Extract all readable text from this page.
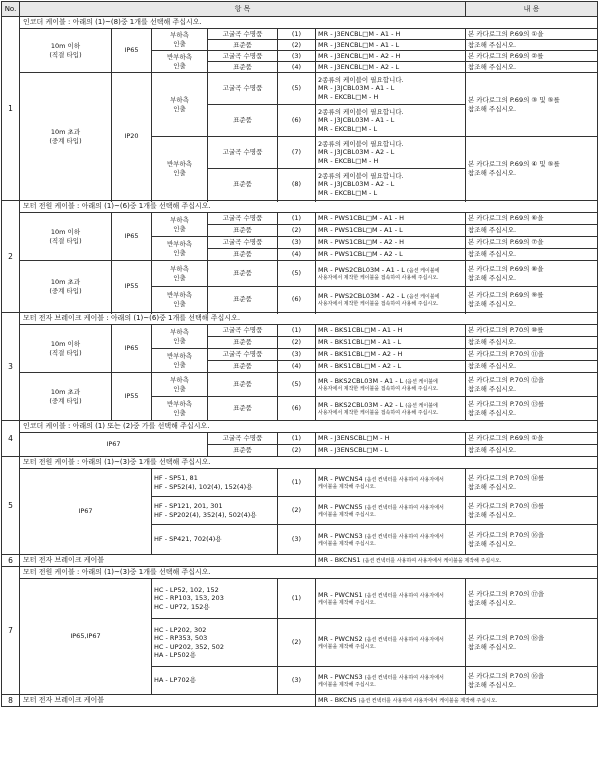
No.	항 목						내 용
1	인코더 케이블 : 아래의 (1)~(8)중 1개를 선택해 주십시오.						

	10m 이하
(직결 타입)	IP65	부하측
인출	고굴곡 수명품	(1)	MR - J3ENCBL□M - A1 - H	본 카다로그의 P.69의 ①을
				표준품	(2)	MR - J3ENCBL□M - A1 - L	참조해 주십시오.

			반부하측
인출	고굴곡 수명품	(3)	MR - J3ENCBL□M - A2 - H	본 카다로그의 P.69의 ②를
				표준품	(4)	MR - J3ENCBL□M - A2 - L	참조해 주십시오.

	10m 초과
(중계 타입)	IP20	부하측
인출	고굴곡 수명품	(5)	2종류의 케이블이 필요합니다.
MR - J3JCBL03M - A1 - L
MR - EKCBL□M - H	본 카다로그의 P.69의 ③ 및 ⑤를
참조해 주십시오.

				표준품	(6)	2종류의 케이블이 필요합니다.
MR - J3JCBL03M - A1 - L
MR - EKCBL□M - L	

			반부하측
인출	고굴곡 수명품	(7)	2종류의 케이블이 필요합니다.
MR - J3JCBL03M - A2 - L
MR - EKCBL□M - H	본 카다로그의 P.69의 ④ 및 ⑤를
참조해 주십시오.

				표준품	(8)	2종류의 케이블이 필요합니다.
MR - J3JCBL03M - A2 - L
MR - EKCBL□M - L	

2	모터 전원 케이블 : 아래의 (1)~(6)중 1개를 선택해 주십시오.						

	10m 이하
(직결 타입)	IP65	부하측
인출	고굴곡 수명품	(1)	MR - PWS1CBL□M - A1 - H	본 카다로그의 P.69의 ⑥을
				표준품	(2)	MR - PWS1CBL□M - A1 - L	참조해 주십시오.

			반부하측
인출	고굴곡 수명품	(3)	MR - PWS1CBL□M - A2 - H	본 카다로그의 P.69의 ⑦을
				표준품	(4)	MR - PWS1CBL□M - A2 - L	참조해 주십시오.

	10m 초과
(중계 타입)	IP55	부하측
인출	표준품	(5)	MR - PWS2CBL03M - A1 - L (옵션 케이블에
사용자에서 제작한 케이블을 접속하여 사용해 주십시오.	본 카다로그의 P.69의 ⑧을
참조해 주십시오.

			반부하측
인출	표준품	(6)	MR - PWS2CBL03M - A2 - L (옵션 케이블에
사용자에서 제작한 케이블을 접속하여 사용해 주십시오.	본 카다로그의 P.69의 ⑨를
참조해 주십시오.

3	모터 전자 브레이크 케이블 : 아래의 (1)~(6)중 1개를 선택해 주십시오.						

	10m 이하
(직결 타입)	IP65	부하측
인출	고굴곡 수명품	(1)	MR - BKS1CBL□M - A1 - H	본 카다로그의 P.70의 ⑩를
				표준품	(2)	MR - BKS1CBL□M - A1 - L	참조해 주십시오.

			반부하측
인출	고굴곡 수명품	(3)	MR - BKS1CBL□M - A2 - H	본 카다로그의 P.70의 ⑪을
				표준품	(4)	MR - BKS1CBL□M - A2 - L	참조해 주십시오.

	10m 초과
(중계 타입)	IP55	부하측
인출	표준품	(5)	MR - BKS2CBL03M - A1 - L (옵션 케이블에
사용자에서 제작한 케이블을 접속하여 사용해 주십시오.	본 카다로그의 P.70의 ⑫을
참조해 주십시오.

			반부하측
인출	표준품	(6)	MR - BKS2CBL03M - A2 - L (옵션 케이블에
사용자에서 제작한 케이블을 접속하여 사용해 주십시오.	본 카다로그의 P.70의 ⑬를
참조해 주십시오.

4	인코더 케이블 : 아래의 (1) 또는 (2)중 가를 선택해 주십시오.						
	IP67			고굴곡 수명품	(1)	MR - J3ENSCBL□M - H	본 카다로그의 P.69의 ①을
				표준품	(2)	MR - J3ENSCBL□M - L	참조해 주십시오.
5	모터 전원 케이블 : 아래의 (1)~(3)중 1개를 선택해 주십시오.						
	IP67		HF - SP51, 81
HF - SP52(4), 102(4), 152(4)용		(1)	MR - PWCNS4 (옵션 컨넥터를 사용하여 사용자에서
케이블을 제작해 주십시오.	본 카다로그의 P.70의 ⑭를
참조해 주십시오.

			HF - SP121, 201, 301
HF - SP202(4), 352(4), 502(4)용		(2)	MR - PWCNS5 (옵션 컨넥터를 사용하여 사용자에서
케이블을 제작해 주십시오.	본 카다로그의 P.70의 ⑮를
참조해 주십시오.

			HF - SP421, 702(4)용		(3)	MR - PWCNS3 (옵션 컨넥터를 사용하여 사용자에서
케이블을 제작해 주십시오.	본 카다로그의 P.70의 ⑯을
참조해 주십시오.

6	모터 전자 브레이크 케이블					MR - BKCNS1 (옵션 컨넥터를 사용하여 사용자에서 케이블을 제작해 주십시오.	
7	모터 전원 케이블 : 아래의 (1)~(3)중 1개를 선택해 주십시오.						
	IP65,IP67		HC - LP52, 102, 152
HC - RP103, 153, 203
HC - UP72, 152용		(1)	MR - PWCNS1 (옵션 컨넥터를 사용하여 사용자에서
케이블을 제작해 주십시오.	본 카다로그의 P.70의 ⑰을
참조해 주십시오.

			HC - LP202, 302
HC - RP353, 503
HC - UP202, 352, 502
HA - LP502용		(2)	MR - PWCNS2 (옵션 컨넥터를 사용하여 사용자에서
케이블을 제작해 주십시오.	본 카다로그의 P.70의 ⑱을
참조해 주십시오.

			HA - LP702용		(3)	MR - PWCNS3 (옵션 컨넥터를 사용하여 사용자에서
케이블을 제작해 주십시오.	본 카다로그의 P.70의 ⑯을
참조해 주십시오.

8	모터 전자 브레이크 케이블					MR - BKCNS (옵션 컨넥터를 사용하여 사용자에서 케이블을 제작해 주십시오.	
